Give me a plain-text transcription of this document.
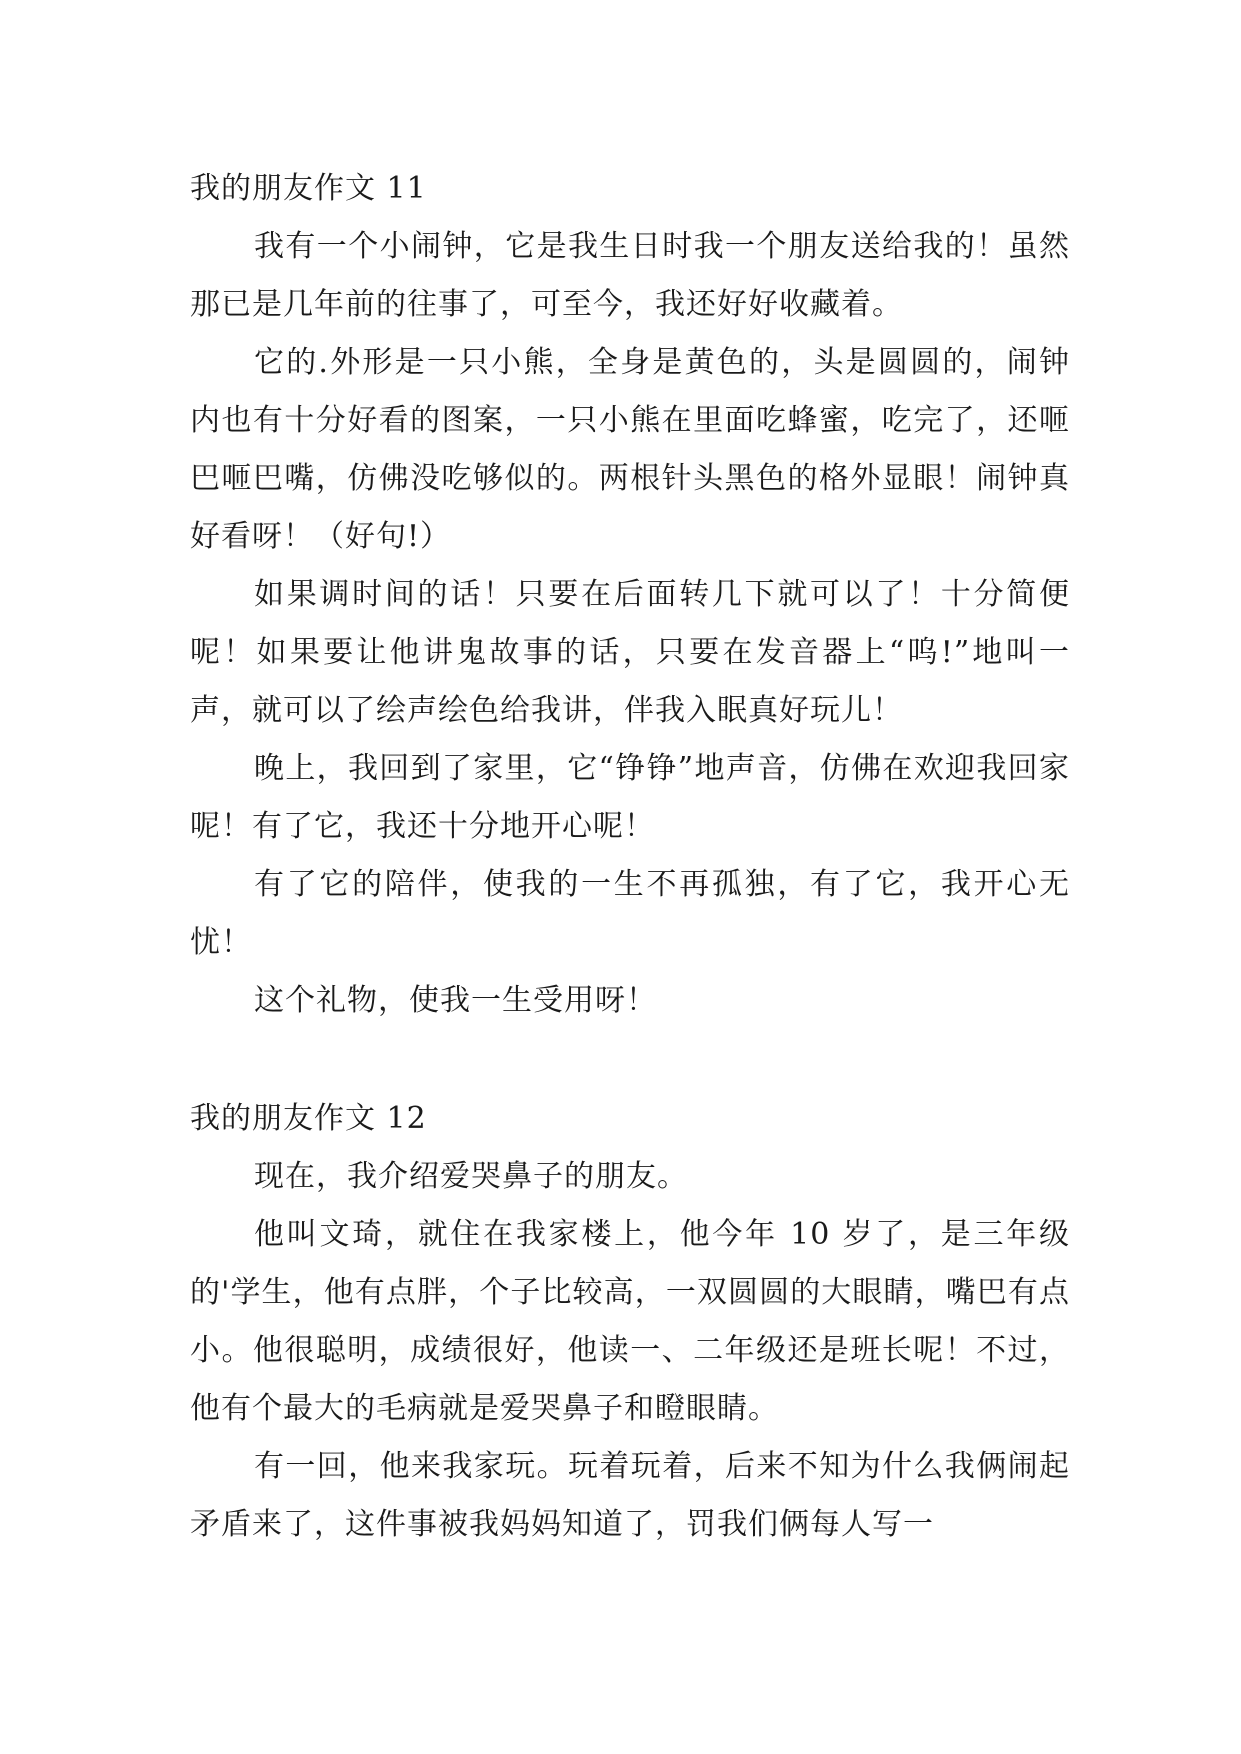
我的朋友作文 11

我有一个小闹钟，它是我生日时我一个朋友送给我的！虽然那已是几年前的往事了，可至今，我还好好收藏着。

它的.外形是一只小熊，全身是黄色的，头是圆圆的，闹钟内也有十分好看的图案，一只小熊在里面吃蜂蜜，吃完了，还咂巴咂巴嘴，仿佛没吃够似的。两根针头黑色的格外显眼！闹钟真好看呀！（好句!）

如果调时间的话！只要在后面转几下就可以了！十分简便呢！如果要让他讲鬼故事的话，只要在发音器上“呜!”地叫一声，就可以了绘声绘色给我讲，伴我入眠真好玩儿！

晚上，我回到了家里，它“铮铮”地声音，仿佛在欢迎我回家呢！有了它，我还十分地开心呢！

有了它的陪伴，使我的一生不再孤独，有了它，我开心无忧！

这个礼物，使我一生受用呀！

我的朋友作文 12

现在，我介绍爱哭鼻子的朋友。

他叫文琦，就住在我家楼上，他今年 10 岁了，是三年级的'学生，他有点胖，个子比较高，一双圆圆的大眼睛，嘴巴有点小。他很聪明，成绩很好，他读一、二年级还是班长呢！不过，他有个最大的毛病就是爱哭鼻子和瞪眼睛。

有一回，他来我家玩。玩着玩着，后来不知为什么我俩闹起矛盾来了，这件事被我妈妈知道了，罚我们俩每人写一
